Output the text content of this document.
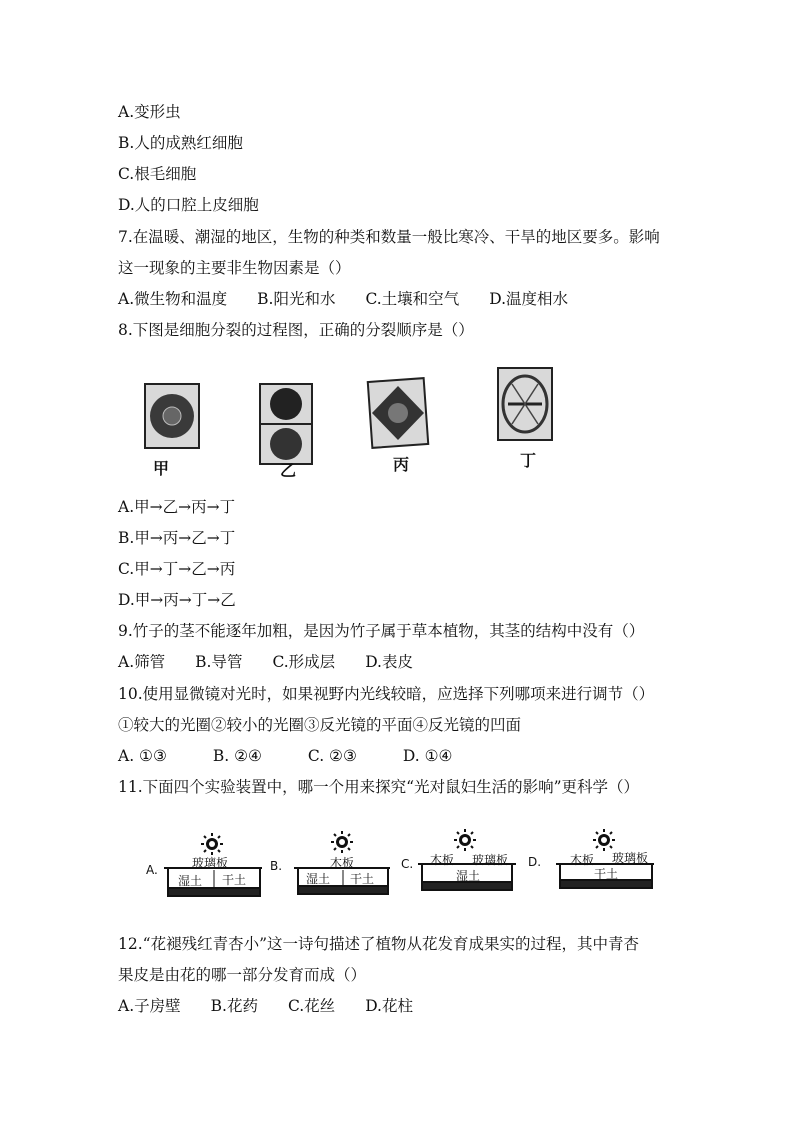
A.变形虫
B.人的成熟红细胞
C.根毛细胞
D.人的口腔上皮细胞
7.在温暖、潮湿的地区，生物的种类和数量一般比寒冷、干旱的地区要多。影响
这一现象的主要非生物因素是（）
A.微生物和温度 B.阳光和水 C.土壤和空气 D.温度相水
8.下图是细胞分裂的过程图，正确的分裂顺序是（）
甲	乙	丙	丁
A.甲→乙→丙→丁
B.甲→丙→乙→丁
C.甲→丁→乙→丙
D.甲→丙→丁→乙
9.竹子的茎不能逐年加粗，是因为竹子属于草本植物，其茎的结构中没有（）
A.筛管 B.导管 C.形成层 D.表皮
10.使用显微镜对光时，如果视野内光线较暗，应选择下列哪项来进行调节（）
①较大的光圈②较小的光圈③反光镜的平面④反光镜的凹面
A. ①③	B. ②④	C. ②③	D. ①④
11.下面四个实验装置中，哪一个用来探究“光对鼠妇生活的影响”更科学（）
A.	B.	C.	D.
玻璃板	木板	木板 玻璃板	木板 玻璃板
湿土 干土	湿土 干土	湿土	干土
12.“花褪残红青杏小”这一诗句描述了植物从花发育成果实的过程，其中青杏
果皮是由花的哪一部分发育而成（）
A.子房壁 B.花药 C.花丝 D.花柱
